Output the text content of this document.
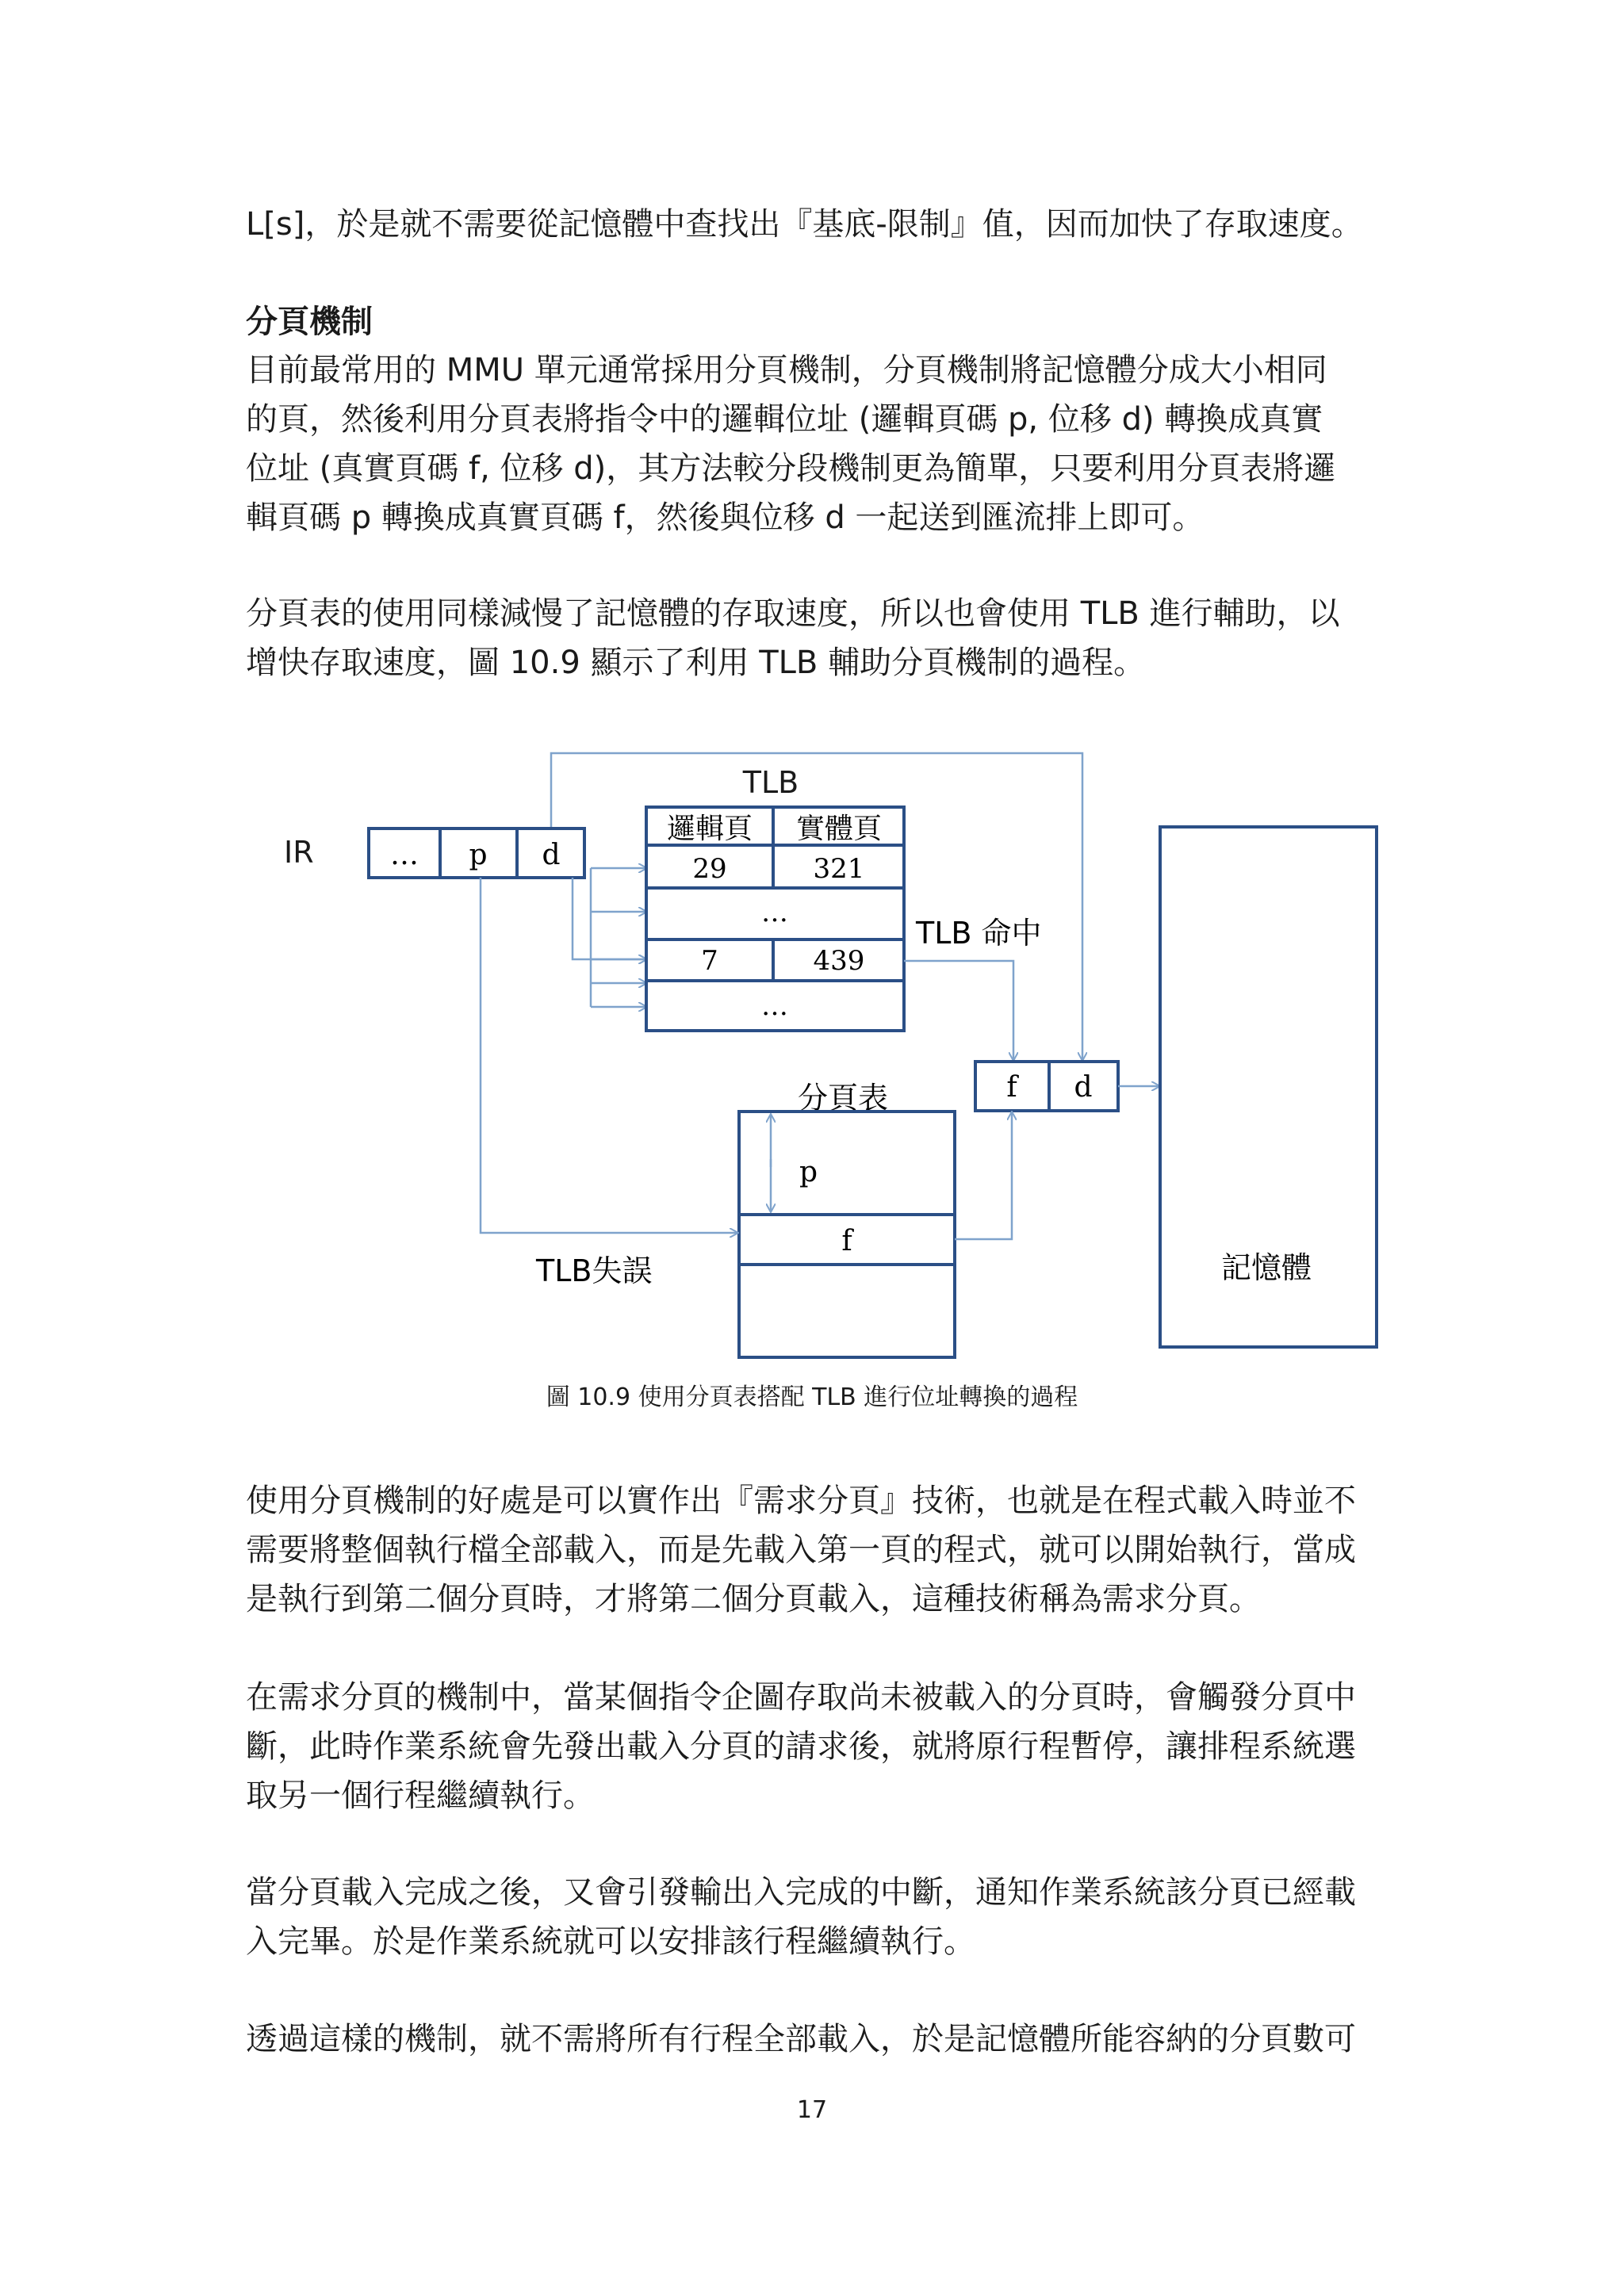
L[s]，於是就不需要從記憶體中查找出『基底-限制』值，因而加快了存取速度。
分頁機制
目前最常用的 MMU 單元通常採用分頁機制，分頁機制將記憶體分成大小相同
的頁，然後利用分頁表將指令中的邏輯位址 (邏輯頁碼 p, 位移 d) 轉換成真實
位址 (真實頁碼 f, 位移 d)，其方法較分段機制更為簡單，只要利用分頁表將邏
輯頁碼 p 轉換成真實頁碼 f，然後與位移 d 一起送到匯流排上即可。
分頁表的使用同樣減慢了記憶體的存取速度，所以也會使用 TLB 進行輔助，以
增快存取速度，圖 10.9 顯示了利用 TLB 輔助分頁機制的過程。
TLB
IR	… p d
邏輯頁 實體頁
29	321
…
7	439
…
TLB 命中
f d
記憶體
分頁表
p
f
TLB失誤
圖 10.9 使用分頁表搭配 TLB 進行位址轉換的過程
使用分頁機制的好處是可以實作出『需求分頁』技術，也就是在程式載入時並不
需要將整個執行檔全部載入，而是先載入第一頁的程式，就可以開始執行，當成
是執行到第二個分頁時，才將第二個分頁載入，這種技術稱為需求分頁。
在需求分頁的機制中，當某個指令企圖存取尚未被載入的分頁時，會觸發分頁中
斷，此時作業系統會先發出載入分頁的請求後，就將原行程暫停，讓排程系統選
取另一個行程繼續執行。
當分頁載入完成之後，又會引發輸出入完成的中斷，通知作業系統該分頁已經載
入完畢。於是作業系統就可以安排該行程繼續執行。
透過這樣的機制，就不需將所有行程全部載入，於是記憶體所能容納的分頁數可
17
